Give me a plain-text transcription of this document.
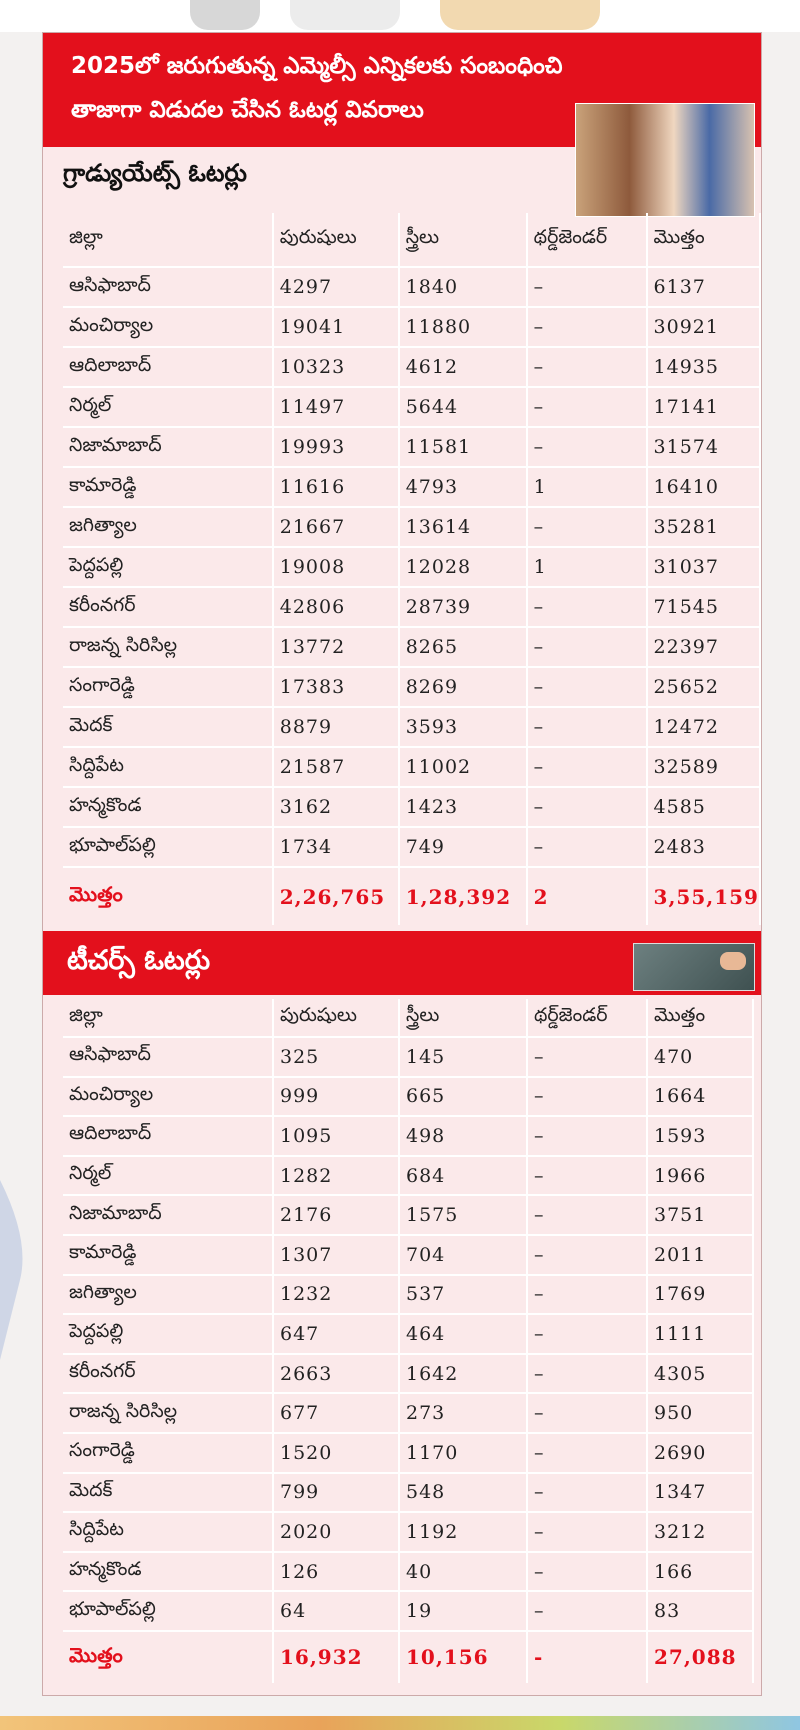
2025లో జరుగుతున్న ఎమ్మెల్సీ ఎన్నికలకు సంబంధించి
తాజాగా విడుదల చేసిన ఓటర్ల వివరాలు
గ్రాడ్యుయేట్స్ ఓటర్లు
జిల్లా	పురుషులు	స్త్రీలు	థర్డ్‌జెండర్	మొత్తం
ఆసిఫాబాద్	4297	1840	–	6137
మంచిర్యాల	19041	11880	–	30921
ఆదిలాబాద్	10323	4612	–	14935
నిర్మల్	11497	5644	–	17141
నిజామాబాద్	19993	11581	–	31574
కామారెడ్డి	11616	4793	1	16410
జగిత్యాల	21667	13614	–	35281
పెద్దపల్లి	19008	12028	1	31037
కరీంనగర్	42806	28739	–	71545
రాజన్న సిరిసిల్ల	13772	8265	–	22397
సంగారెడ్డి	17383	8269	–	25652
మెదక్	8879	3593	–	12472
సిద్దిపేట	21587	11002	–	32589
హన్మకొండ	3162	1423	–	4585
భూపాల్‌పల్లి	1734	749	–	2483
మొత్తం	2,26,765	1,28,392	2	3,55,159
టీచర్స్ ఓటర్లు
జిల్లా	పురుషులు	స్త్రీలు	థర్డ్‌జెండర్	మొత్తం
ఆసిఫాబాద్	325	145	–	470
మంచిర్యాల	999	665	–	1664
ఆదిలాబాద్	1095	498	–	1593
నిర్మల్	1282	684	–	1966
నిజామాబాద్	2176	1575	–	3751
కామారెడ్డి	1307	704	–	2011
జగిత్యాల	1232	537	–	1769
పెద్దపల్లి	647	464	–	1111
కరీంనగర్	2663	1642	–	4305
రాజన్న సిరిసిల్ల	677	273	–	950
సంగారెడ్డి	1520	1170	–	2690
మెదక్	799	548	–	1347
సిద్దిపేట	2020	1192	–	3212
హన్మకొండ	126	40	–	166
భూపాల్‌పల్లి	64	19	–	83
మొత్తం	16,932	10,156	-	27,088
